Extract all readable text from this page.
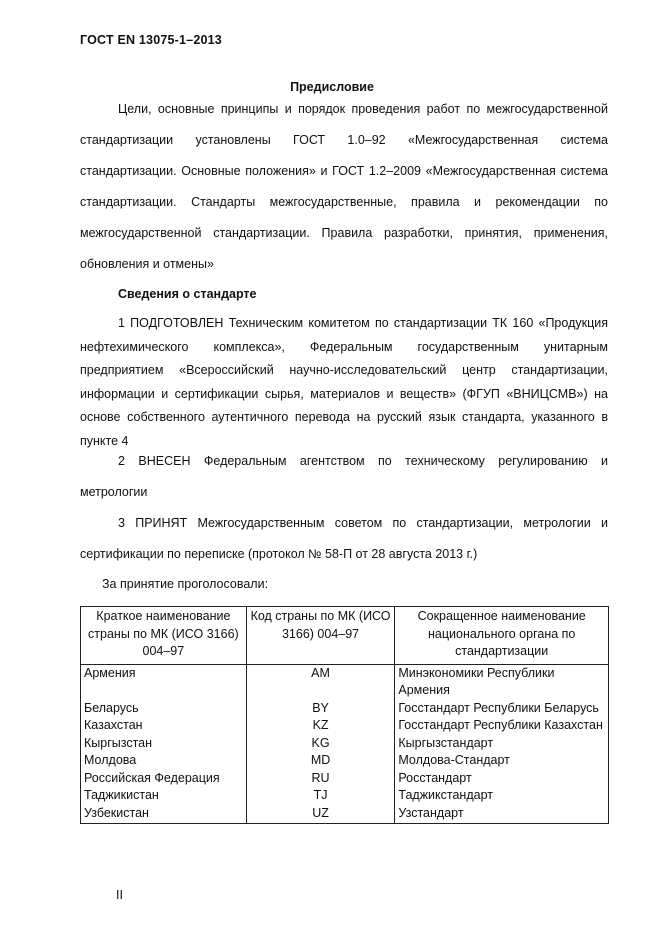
ГОСТ EN 13075-1–2013
Предисловие
Цели, основные принципы и порядок проведения работ по межгосударственной стандартизации установлены ГОСТ 1.0–92 «Межгосударственная система стандартизации. Основные положения» и ГОСТ 1.2–2009 «Межгосударственная система стандартизации. Стандарты межгосударственные, правила и рекомендации по межгосударственной стандартизации. Правила разработки, принятия, применения, обновления и отмены»
Сведения о стандарте
1 ПОДГОТОВЛЕН Техническим комитетом по стандартизации ТК 160 «Продукция нефтехимического комплекса», Федеральным государственным унитарным предприятием «Всероссийский научно-исследовательский центр стандартизации, информации и сертификации сырья, материалов и веществ» (ФГУП «ВНИЦСМВ») на основе собственного аутентичного перевода на русский язык стандарта, указанного в пункте 4
2 ВНЕСЕН Федеральным агентством по техническому регулированию и метрологии
3 ПРИНЯТ Межгосударственным советом по стандартизации, метрологии и сертификации по переписке (протокол № 58-П от 28 августа 2013 г.)
За принятие проголосовали:
Краткое наименование страны по МК (ИСО 3166) 004–97	Код страны по МК (ИСО 3166) 004–97	Сокращенное наименование национального органа по стандартизации
Армения	AM	Минэкономики Республики Армения
Беларусь	BY	Госстандарт Республики Беларусь
Казахстан	KZ	Госстандарт Республики Казахстан
Кыргызстан	KG	Кыргызстандарт
Молдова	MD	Молдова-Стандарт
Российская Федерация	RU	Росстандарт
Таджикистан	TJ	Таджикстандарт
Узбекистан	UZ	Узстандарт
II
